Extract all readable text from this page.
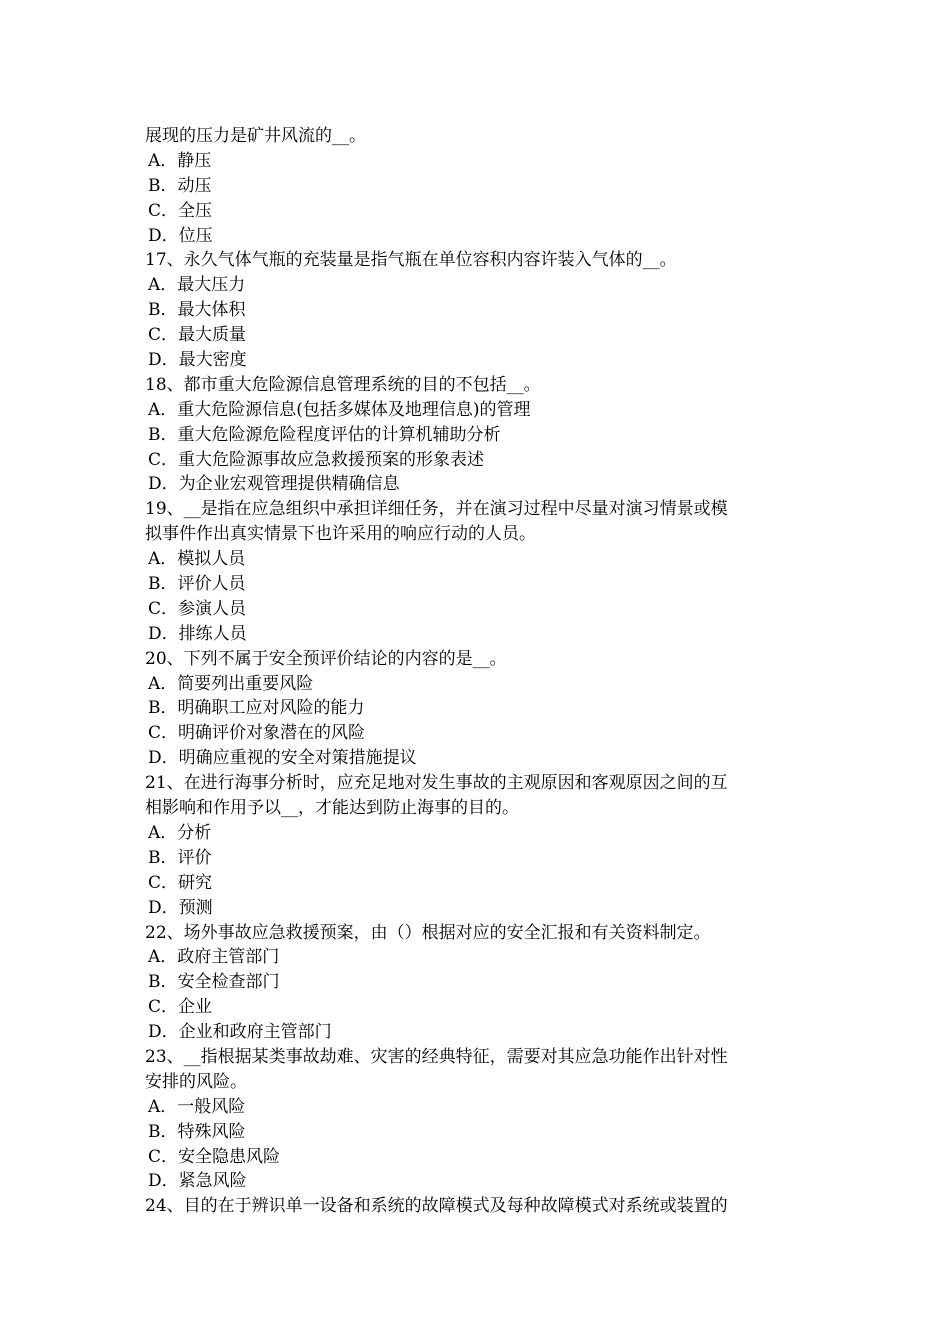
展现的压力是矿井风流的__。
A．静压
B．动压
C．全压
D．位压
17、永久气体气瓶的充装量是指气瓶在单位容积内容许装入气体的__。
A．最大压力
B．最大体积
C．最大质量
D．最大密度
18、都市重大危险源信息管理系统的目的不包括__。
A．重大危险源信息(包括多媒体及地理信息)的管理
B．重大危险源危险程度评估的计算机辅助分析
C．重大危险源事故应急救援预案的形象表述
D．为企业宏观管理提供精确信息
19、__是指在应急组织中承担详细任务，并在演习过程中尽量对演习情景或模
拟事件作出真实情景下也许采用的响应行动的人员。
A．模拟人员
B．评价人员
C．参演人员
D．排练人员
20、下列不属于安全预评价结论的内容的是__。
A．简要列出重要风险
B．明确职工应对风险的能力
C．明确评价对象潜在的风险
D．明确应重视的安全对策措施提议
21、在进行海事分析时，应充足地对发生事故的主观原因和客观原因之间的互
相影响和作用予以__，才能达到防止海事的目的。
A．分析
B．评价
C．研究
D．预测
22、场外事故应急救援预案，由（）根据对应的安全汇报和有关资料制定。
A．政府主管部门
B．安全检查部门
C．企业
D．企业和政府主管部门
23、__指根据某类事故劫难、灾害的经典特征，需要对其应急功能作出针对性
安排的风险。
A．一般风险
B．特殊风险
C．安全隐患风险
D．紧急风险
24、目的在于辨识单一设备和系统的故障模式及每种故障模式对系统或装置的
